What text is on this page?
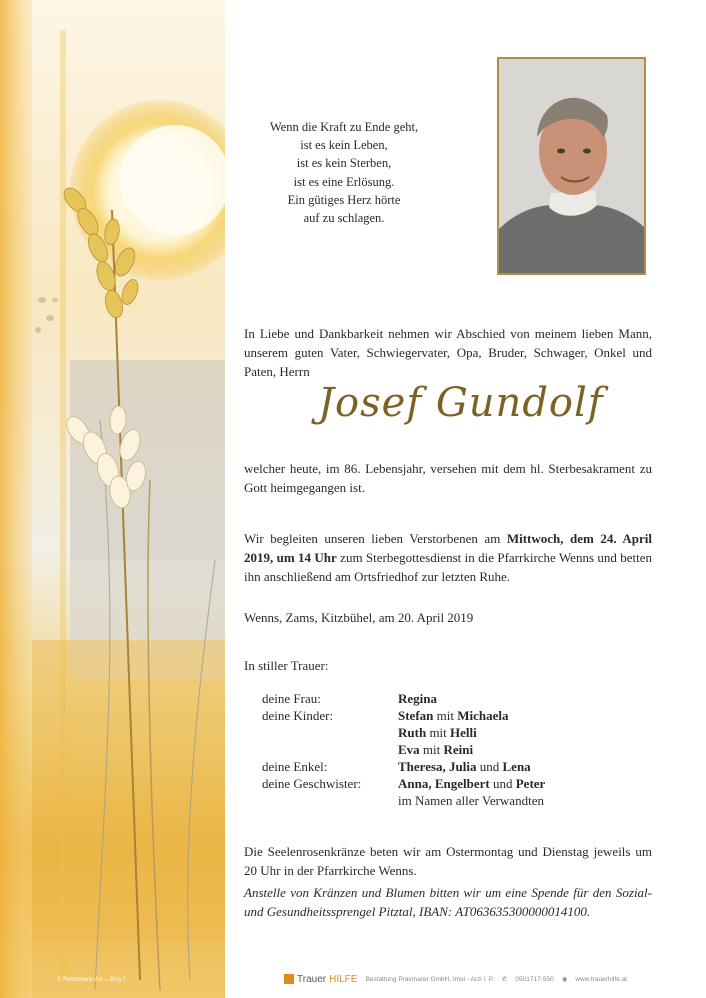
Wenn die Kraft zu Ende geht,
ist es kein Leben,
ist es kein Sterben,
ist es eine Erlösung.
Ein gütiges Herz hörte
auf zu schlagen.
In Liebe und Dankbarkeit nehmen wir Abschied von meinem lieben Mann, unserem guten Vater, Schwiegervater, Opa, Bruder, Schwager, Onkel und Paten, Herrn
Josef Gundolf
welcher heute, im 86. Lebensjahr, versehen mit dem hl. Sterbesakrament zu Gott heimgegangen ist.
Wir begleiten unseren lieben Verstorbenen am Mittwoch, dem 24. April 2019, um 14 Uhr zum Sterbegottesdienst in die Pfarrkirche Wenns und betten ihn anschließend am Ortsfriedhof zur letzten Ruhe.
Wenns, Zams, Kitzbühel, am 20. April 2019
In stiller Trauer:
deine Frau:	Regina
deine Kinder:	Stefan mit Michaela
Ruth mit Helli
Eva mit Reini
deine Enkel:	Theresa, Julia und Lena
deine Geschwister:	Anna, Engelbert und Peter
im Namen aller Verwandten
Die Seelenrosenkränze beten wir am Ostermontag und Dienstag jeweils um 20 Uhr in der Pfarrkirche Wenns.
Anstelle von Kränzen und Blumen bitten wir um eine Spende für den Sozial- und Gesundheitssprengel Pitztal, IBAN: AT063635300000014100.
Trauer HILFE Bestattung Praxmarer GmbH, Imst - Arzl i. P. ✆ 0501717-550 ◉ www.trauerhilfe.at
© Reichmann Art – Jhrg.7
